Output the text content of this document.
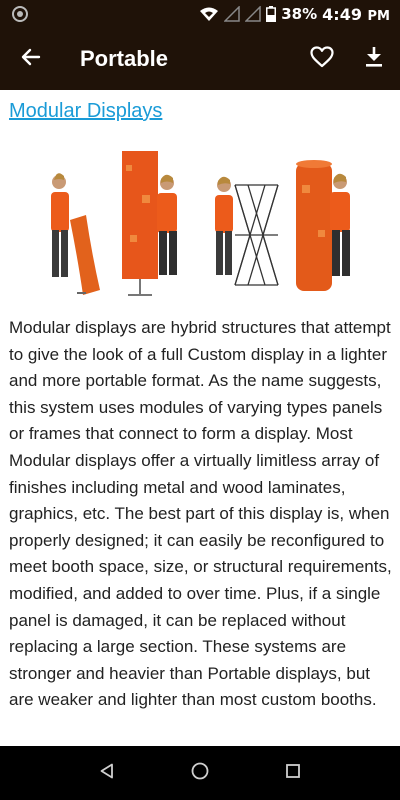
38% 4:49 PM
Portable
Modular Displays

Modular displays are hybrid structures that attempt to give the look of a full Custom display in a lighter and more portable format. As the name suggests, this system uses modules of varying types panels or frames that connect to form a display. Most Modular displays offer a virtually limitless array of finishes including metal and wood laminates, graphics, etc. The best part of this display is, when properly designed; it can easily be reconfigured to meet booth space, size, or structural requirements, modified, and added to over time. Plus, if a single panel is damaged, it can be replaced without replacing a large section. These systems are stronger and heavier than Portable displays, but are weaker and lighter than most custom booths.
